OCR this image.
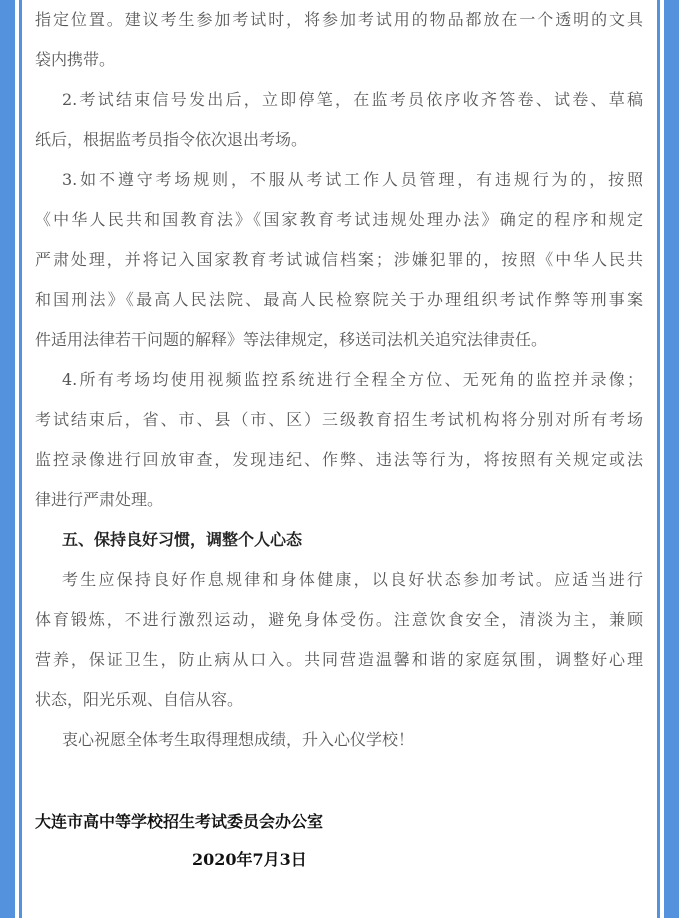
指定位置。建议考生参加考试时，将参加考试用的物品都放在一个透明的文具
袋内携带。
2.考试结束信号发出后，立即停笔，在监考员依序收齐答卷、试卷、草稿
纸后，根据监考员指令依次退出考场。
3.如不遵守考场规则，不服从考试工作人员管理，有违规行为的，按照
《中华人民共和国教育法》《国家教育考试违规处理办法》确定的程序和规定
严肃处理，并将记入国家教育考试诚信档案；涉嫌犯罪的，按照《中华人民共
和国刑法》《最高人民法院、最高人民检察院关于办理组织考试作弊等刑事案
件适用法律若干问题的解释》等法律规定，移送司法机关追究法律责任。
4.所有考场均使用视频监控系统进行全程全方位、无死角的监控并录像；
考试结束后，省、市、县（市、区）三级教育招生考试机构将分别对所有考场
监控录像进行回放审查，发现违纪、作弊、违法等行为，将按照有关规定或法
律进行严肃处理。
五、保持良好习惯，调整个人心态
考生应保持良好作息规律和身体健康，以良好状态参加考试。应适当进行
体育锻炼，不进行激烈运动，避免身体受伤。注意饮食安全，清淡为主，兼顾
营养，保证卫生，防止病从口入。共同营造温馨和谐的家庭氛围，调整好心理
状态，阳光乐观、自信从容。
衷心祝愿全体考生取得理想成绩，升入心仪学校！
大连市高中等学校招生考试委员会办公室
2020年7月3日
